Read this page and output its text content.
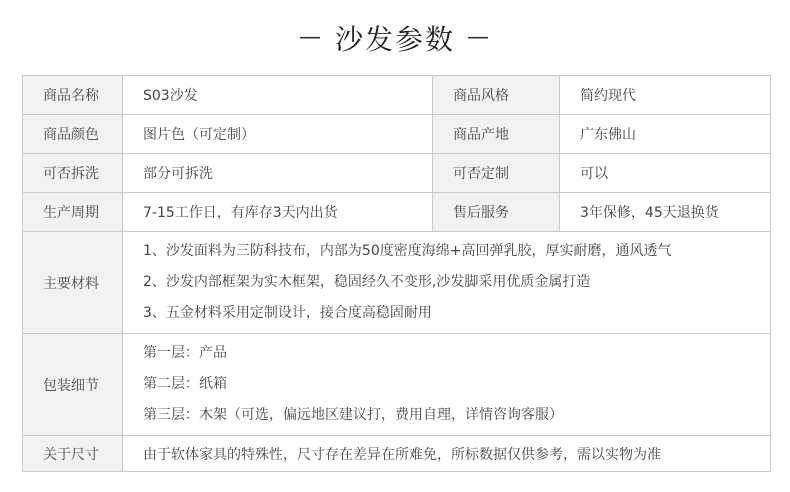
— 沙发参数 —
商品名称	S03沙发	商品风格	简约现代
商品颜色	图片色（可定制）	商品产地	广东佛山
可否拆洗	部分可拆洗	可否定制	可以
生产周期	7-15工作日，有库存3天内出货	售后服务	3年保修，45天退换货
主要材料	1、沙发面料为三防科技布，内部为50度密度海绵+高回弹乳胶，厚实耐磨，通风透气
2、沙发内部框架为实木框架，稳固经久不变形,沙发脚采用优质金属打造
3、五金材料采用定制设计，接合度高稳固耐用		

包装细节	第一层：产品
第二层：纸箱
第三层：木架（可选，偏远地区建议打，费用自理，详情咨询客服）		

关于尺寸	由于软体家具的特殊性，尺寸存在差异在所难免，所标数据仅供参考，需以实物为准		
